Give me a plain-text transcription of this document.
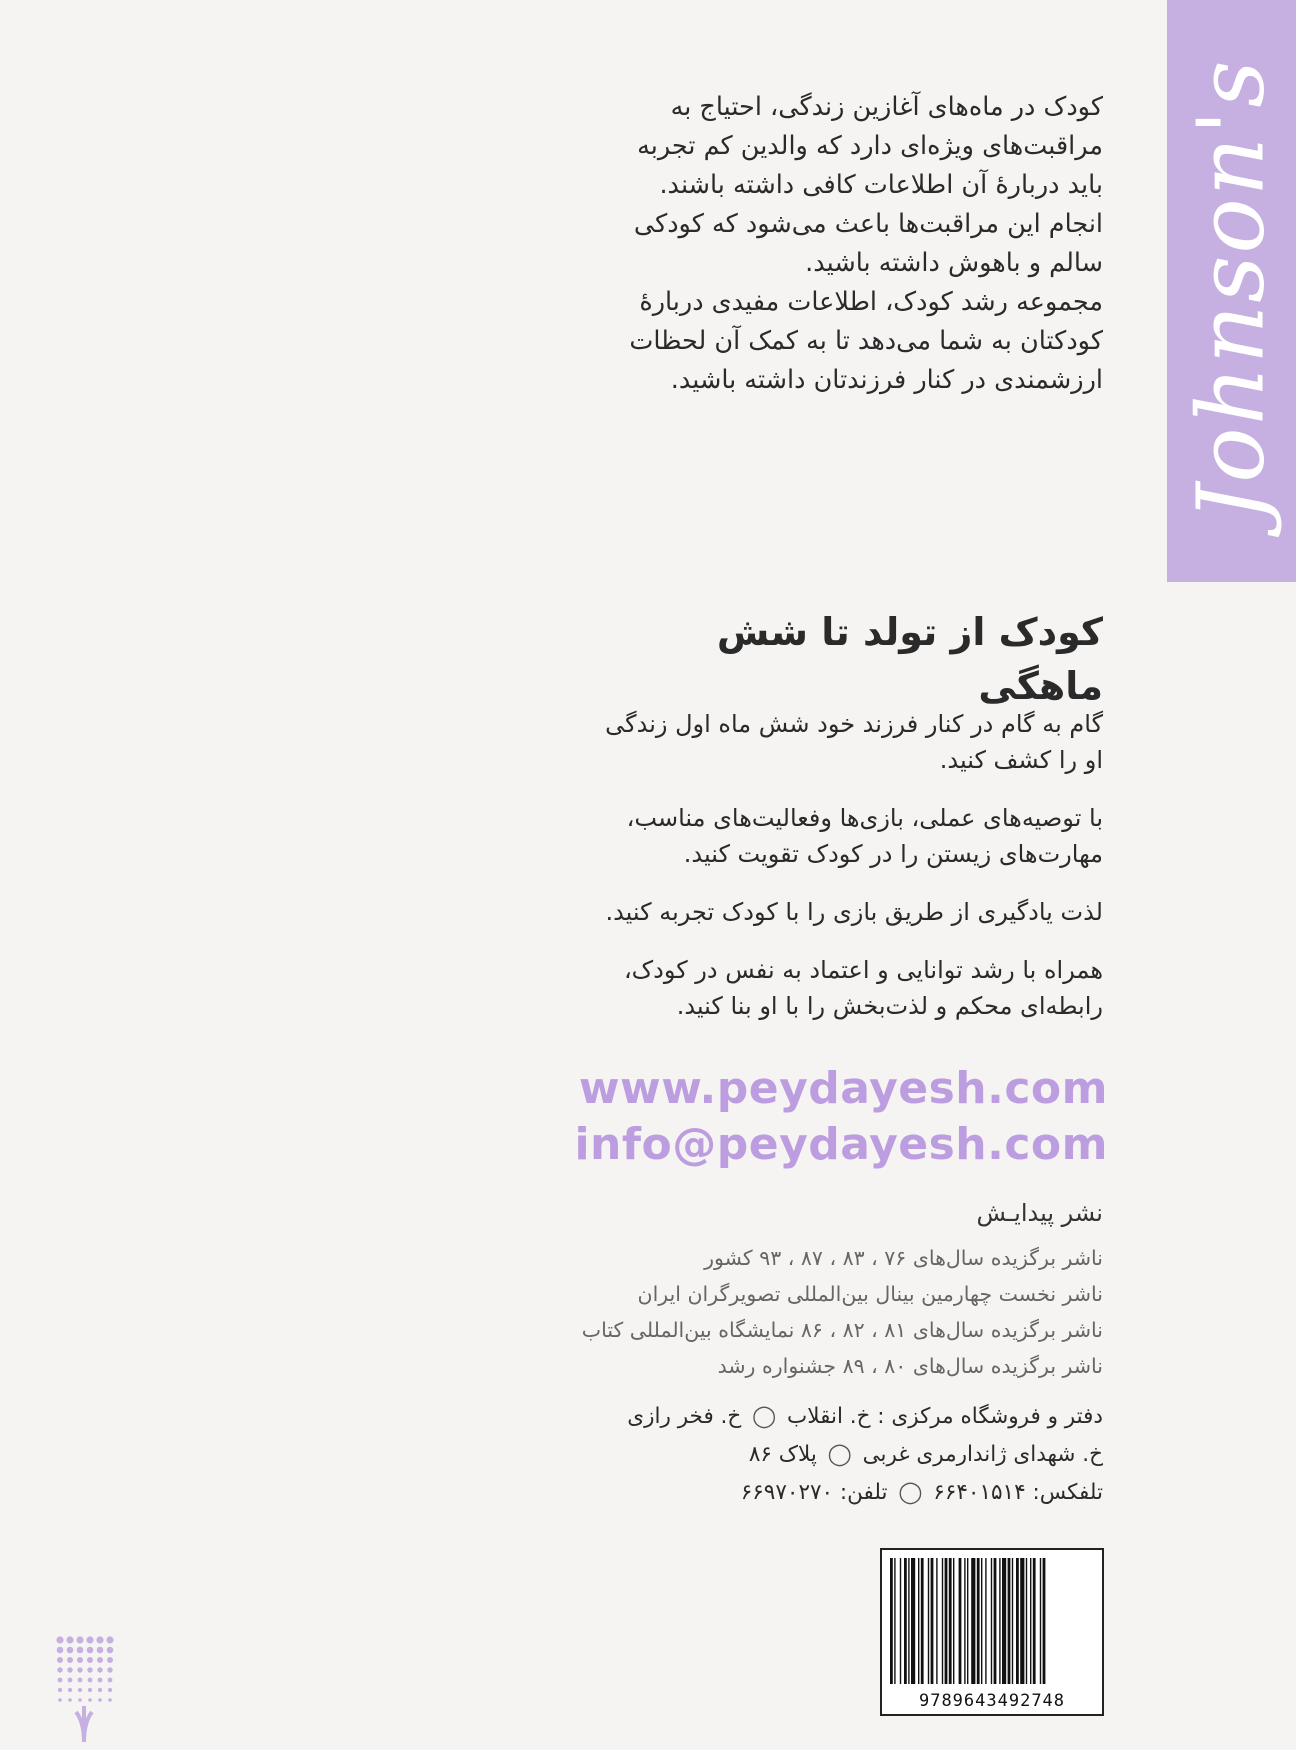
Johnson's

کودک در ماه‌های آغازین زندگی، احتیاج به مراقبت‌های ویژه‌ای دارد که والدین کم تجربه باید دربارهٔ آن اطلاعات کافی داشته باشند. انجام این مراقبت‌ها باعث می‌شود که کودکی سالم و باهوش داشته باشید.

مجموعه رشد کودک، اطلاعات مفیدی دربارهٔ کودکتان به شما می‌دهد تا به کمک آن لحظات ارزشمندی در کنار فرزندتان داشته باشید.

کودک از تولد تا شش ماهگی

گام به گام در کنار فرزند خود شش ماه اول زندگی او را کشف کنید.

با توصیه‌های عملی، بازی‌ها وفعالیت‌های مناسب، مهارت‌های زیستن را در کودک تقویت کنید.

لذت یادگیری از طریق بازی را با کودک تجربه کنید.

همراه با رشد توانایی و اعتماد به نفس در کودک، رابطه‌ای محکم و لذت‌بخش را با او بنا کنید.

www.peydayesh.com
info@peydayesh.com
نشر پیدایـش

ناشر برگزیده سال‌های ۷۶ ، ۸۳ ، ۸۷ ، ۹۳ کشور

ناشر نخست چهارمین بینال بین‌المللی تصویرگران ایران

ناشر برگزیده سال‌های ۸۱ ، ۸۲ ، ۸۶ نمایشگاه بین‌المللی کتاب

ناشر برگزیده سال‌های ۸۰ ، ۸۹ جشنواره رشد

دفتر و فروشگاه مرکزی : خ. انقلاب ◯ خ. فخر رازی

خ. شهدای ژاندارمری غربی ◯ پلاک ۸۶

تلفکس: ۶۶۴۰۱۵۱۴ ◯ تلفن: ۶۶۹۷۰۲۷۰

9789643492748
